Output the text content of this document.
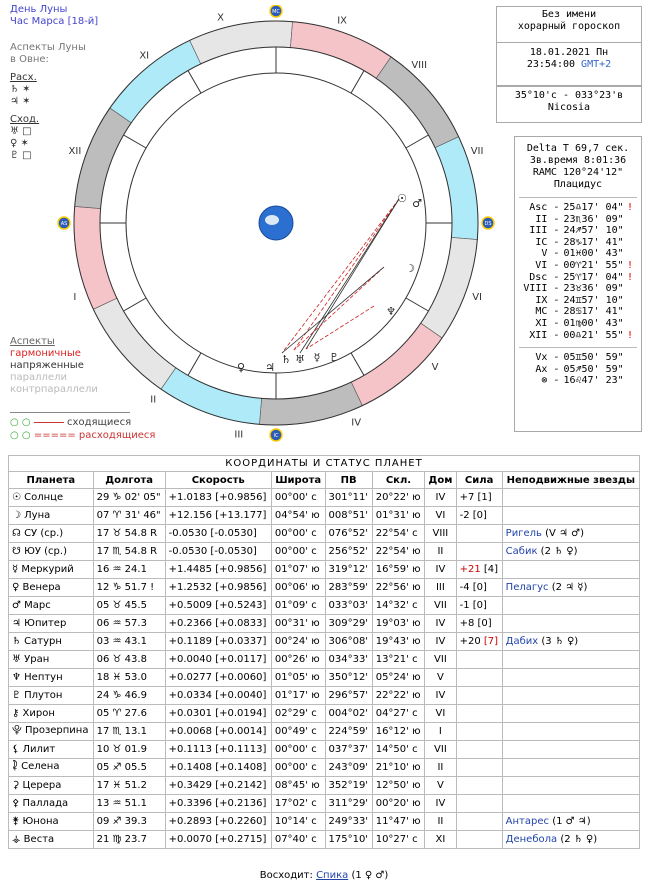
День Луны
Час Марса [18-й]
Аспекты Луны
в Овне:
Расх.
♄ ✶
♃ ✶
Сход.
♅ □
♀ ✶
♇ □
Аспекты
гармоничные
напряженные
параллели
контрпараллели
○ ○	сходящиеся
○ ○ ===== расходящиеся
I
II
III
IV
V
VI
VII
VIII
IX
X
XI
XII
MC
AS	DS
IC
☉ ♂
☽
♆
♀ ♃
♄ ☿
♅ ♇
Без имени
хорарный гороскоп
18.01.2021 Пн
23:54:00 GMT+2
35°10'с - 033°23'в
Nicosia
Delta T 69,7 сек.
Зв.время 8:01:36
RAMC 120°24'12"
Плацидус
Asc - 25♎17' 04" !
II - 23♏36' 09"
III - 24♐57' 10"
IC - 28♑17' 41"
V - 01♓00' 43"
VI - 00♈21' 55" !
Dsc - 25♈17' 04" !
VIII - 23♉36' 09"
IX - 24♊57' 10"
MC - 28♋17' 41"
XI - 01♍00' 43"
XII - 00♎21' 55" !
Vx - 05♊50' 59"
Ax - 05♐50' 59"
⊗ - 16♌47' 23"
КООРДИНАТЫ И СТАТУС ПЛАНЕТ								
Планета	Долгота	Скорость	Широта	ПВ	Скл.	Дом	Сила	Неподвижные звезды
☉ Солнце	29 ♑ 02' 05"	+1.0183 [+0.9856]	00°00' с	301°11'	20°22' ю	IV	+7 [1]	
☽ Луна	07 ♈ 31' 46"	+12.156 [+13.177]	04°54' ю	008°51'	01°31' ю	VI	-2 [0]	
☊ СУ (ср.)	17 ♉ 54.8 R	-0.0530 [-0.0530]	00°00' с	076°52'	22°54' с	VIII		Ригель (V ♃ ♂)
☋ ЮУ (ср.)	17 ♏ 54.8 R	-0.0530 [-0.0530]	00°00' с	256°52'	22°54' ю	II		Сабик (2 ♄ ♀)
☿ Меркурий	16 ♒ 24.1	+1.4485 [+0.9856]	01°07' ю	319°12'	16°59' ю	IV	+21 [4]	
♀ Венера	12 ♑ 51.7 !	+1.2532 [+0.9856]	00°06' ю	283°59'	22°56' ю	III	-4 [0]	Пелагус (2 ♃ ☿)
♂ Марс	05 ♉ 45.5	+0.5009 [+0.5243]	01°09' с	033°03'	14°32' с	VII	-1 [0]	
♃ Юпитер	06 ♒ 57.3	+0.2366 [+0.0833]	00°31' ю	309°29'	19°03' ю	IV	+8 [0]	
♄ Сатурн	03 ♒ 43.1	+0.1189 [+0.0337]	00°24' ю	306°08'	19°43' ю	IV	+20 [7]	Дабих (3 ♄ ♀)
♅ Уран	06 ♉ 43.8	+0.0040 [+0.0117]	00°26' ю	034°33'	13°21' с	VII		
♆ Нептун	18 ♓ 53.0	+0.0277 [+0.0060]	01°05' ю	350°12'	05°24' ю	V		
♇ Плутон	24 ♑ 46.9	+0.0334 [+0.0040]	01°17' ю	296°57'	22°22' ю	IV		
⚷ Хирон	05 ♈ 27.6	+0.0301 [+0.0194]	02°29' с	004°02'	04°27' с	VI		
⯓ Прозерпина	17 ♏ 13.1	+0.0068 [+0.0014]	00°49' с	224°59'	16°12' ю	I		
⚸ Лилит	10 ♉ 01.9	+0.1113 [+0.1113]	00°00' с	037°37'	14°50' с	VII		
⯝ Селена	05 ♐ 05.5	+0.1408 [+0.1408]	00°00' с	243°09'	21°10' ю	II		
⚳ Церера	17 ♓ 51.2	+0.3429 [+0.2142]	08°45' ю	352°19'	12°50' ю	V		
⚴ Паллада	13 ♒ 51.1	+0.3396 [+0.2136]	17°02' с	311°29'	00°20' ю	IV		
⚵ Юнона	09 ♐ 39.3	+0.2893 [+0.2260]	10°14' с	249°33'	11°47' ю	II		Антарес (1 ♂ ♃)
⚶ Веста	21 ♍ 23.7	+0.0070 [+0.2715]	07°40' с	175°10'	10°27' с	XI		Денебола (2 ♄ ♀)
Восходит: Спика (1 ♀ ♂)
